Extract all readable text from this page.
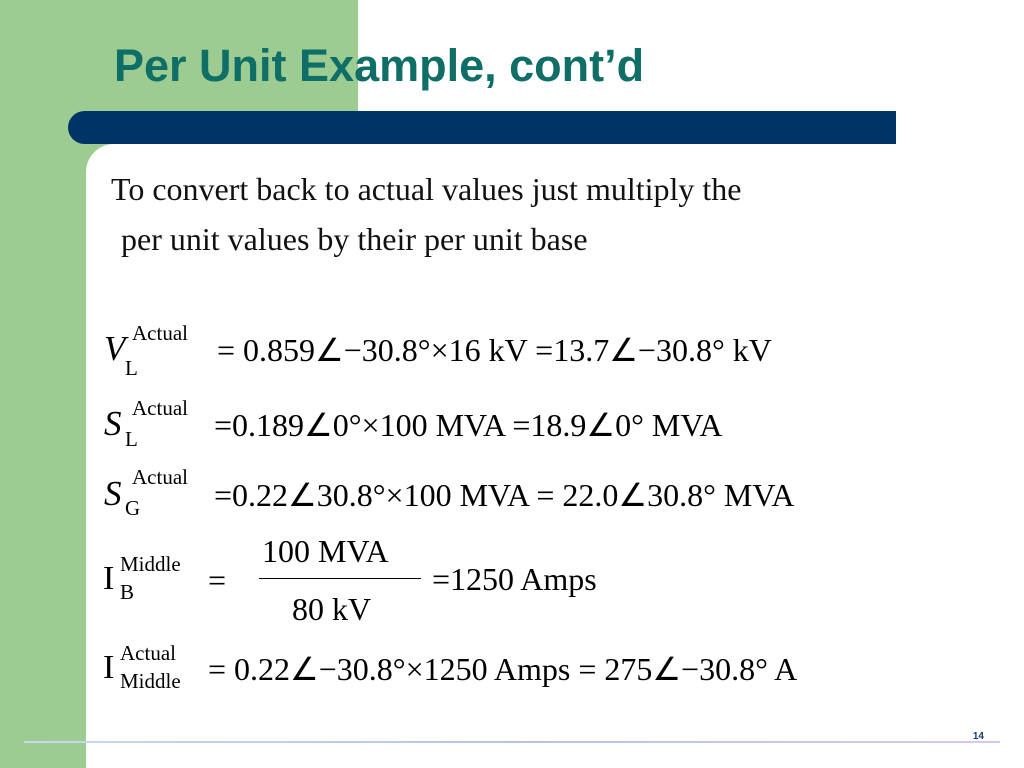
Per Unit Example, cont’d
To convert back to actual values just multiply the
per unit values by their per unit base
V Actual
L = 0.859∠−30.8°×16 kV =13.7∠−30.8° kV
S Actual
L =0.189∠0°×100 MVA =18.9∠0° MVA
S Actual
G =0.22∠30.8°×100 MVA = 22.0∠30.8° MVA
I Middle
B =
100 MVA
80 kV
=1250 Amps
I Actual
Middle = 0.22∠−30.8°×1250 Amps = 275∠−30.8° A
14
